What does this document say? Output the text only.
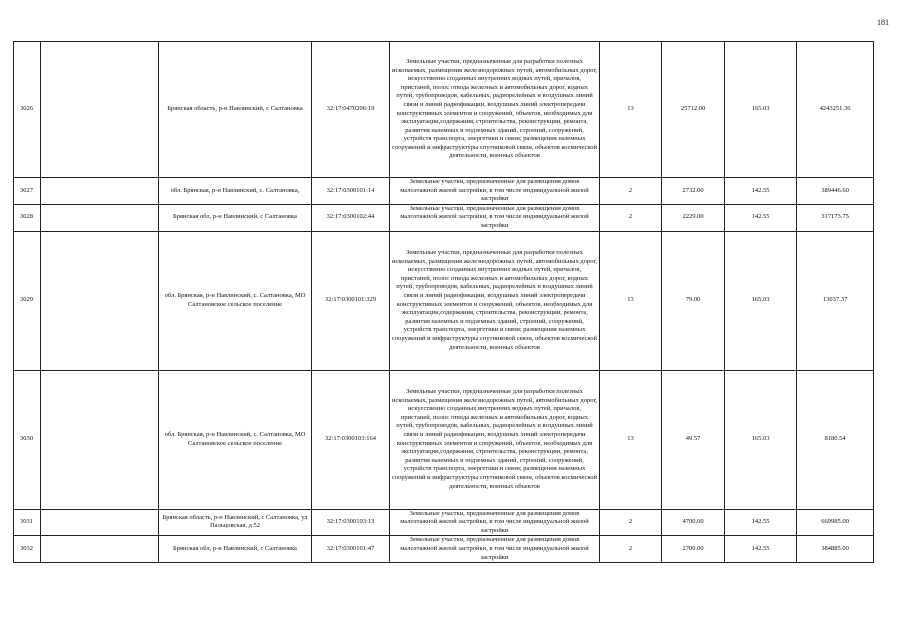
181
3026		Брянская область, р-н Навлинский, с Салтановка	32:17:0470206:19	Земельные участки, предназначенные для разработки полезных ископаемых, размещения железнодорожных путей, автомобильных дорог, искусственно созданных внутренних водных путей, причалов, пристаней, полос отвода железных и автомобильных дорог, водных путей, трубопроводов, кабельных, радиорелейных и воздушных линий связи и линий радиофикации, воздушных линий электропередачи конструктивных элементов и сооружений, объектов, необходимых для эксплуатации,содержания, строительства, реконструкции, ремонта, развития наземных и подземных зданий, строений, сооружений, устройств транспорта, энергетики и связи; размещения наземных сооружений и инфраструктуры спутниковой связи, объектов космической деятельности, военных объектов	13	25712.00	165.03	4243251.36
3027		обл. Брянская, р-н Навлинский, с. Салтановка,	32:17:0300101:14	Земельные участки, предназначенные для размещения домов малоэтажной жилой застройки, в том числе индивидуальной жилой застройки	2	2732.00	142.55	389446.60
3028		Брянская обл, р-н Навлинский, с Салтановка	32:17:0300102:44	Земельные участки, предназначенные для размещения домов малоэтажной жилой застройки, в том числе индивидуальной жилой застройки	2	2229.00	142.55	317173.75
3029		обл. Брянская, р-н Навлинский, с. Салтановка, МО Салтановское сельское поселение	32:17:0300101:329	Земельные участки, предназначенные для разработки полезных ископаемых, размещения железнодорожных путей, автомобильных дорог, искусственно созданных внутренних водных путей, причалов, пристаней, полос отвода железных и автомобильных дорог, водных путей, трубопроводов, кабельных, радиорелейных и воздушных линий связи и линий радиофикации, воздушных линий электропередачи конструктивных элементов и сооружений, объектов, необходимых для эксплуатации,содержания, строительства, реконструкции, ремонта, развития наземных и подземных зданий, строений, сооружений, устройств транспорта, энергетики и связи; размещения наземных сооружений и инфраструктуры спутниковой связи, объектов космической деятельности, военных объектов	13	79.00	165.03	13037.37
3030		обл. Брянская, р-н Навлинский, с. Салтановка, МО Салтановское сельское поселение	32:17:0300103:164	Земельные участки, предназначенные для разработки полезных ископаемых, размещения железнодорожных путей, автомобильных дорог, искусственно созданных внутренних водных путей, причалов, пристаней, полос отвода железных и автомобильных дорог, водных путей, трубопроводов, кабельных, радиорелейных и воздушных линий связи и линий радиофикации, воздушных линий электропередачи конструктивных элементов и сооружений, объектов, необходимых для эксплуатации,содержания, строительства, реконструкции, ремонта, развития наземных и подземных зданий, строений, сооружений, устройств транспорта, энергетики и связи; размещения наземных сооружений и инфраструктуры спутниковой связи, объектов космической деятельности, военных объектов	13	49.57	165.03	8180.54
3031		Брянская область, р-н Навлинский, с Салтановка, ул Пальцовская, д 52	32:17:0300103:13	Земельные участки, предназначенные для размещения домов малоэтажной жилой застройки, в том числе индивидуальной жилой застройки	2	4700.00	142.55	669985.00
3032		Брянская обл, р-н Навлинский, с Салтановка	32:17:0300101:47	Земельные участки, предназначенные для размещения домов малоэтажной жилой застройки, в том числе индивидуальной жилой застройки	2	2700.00	142.55	384885.00
